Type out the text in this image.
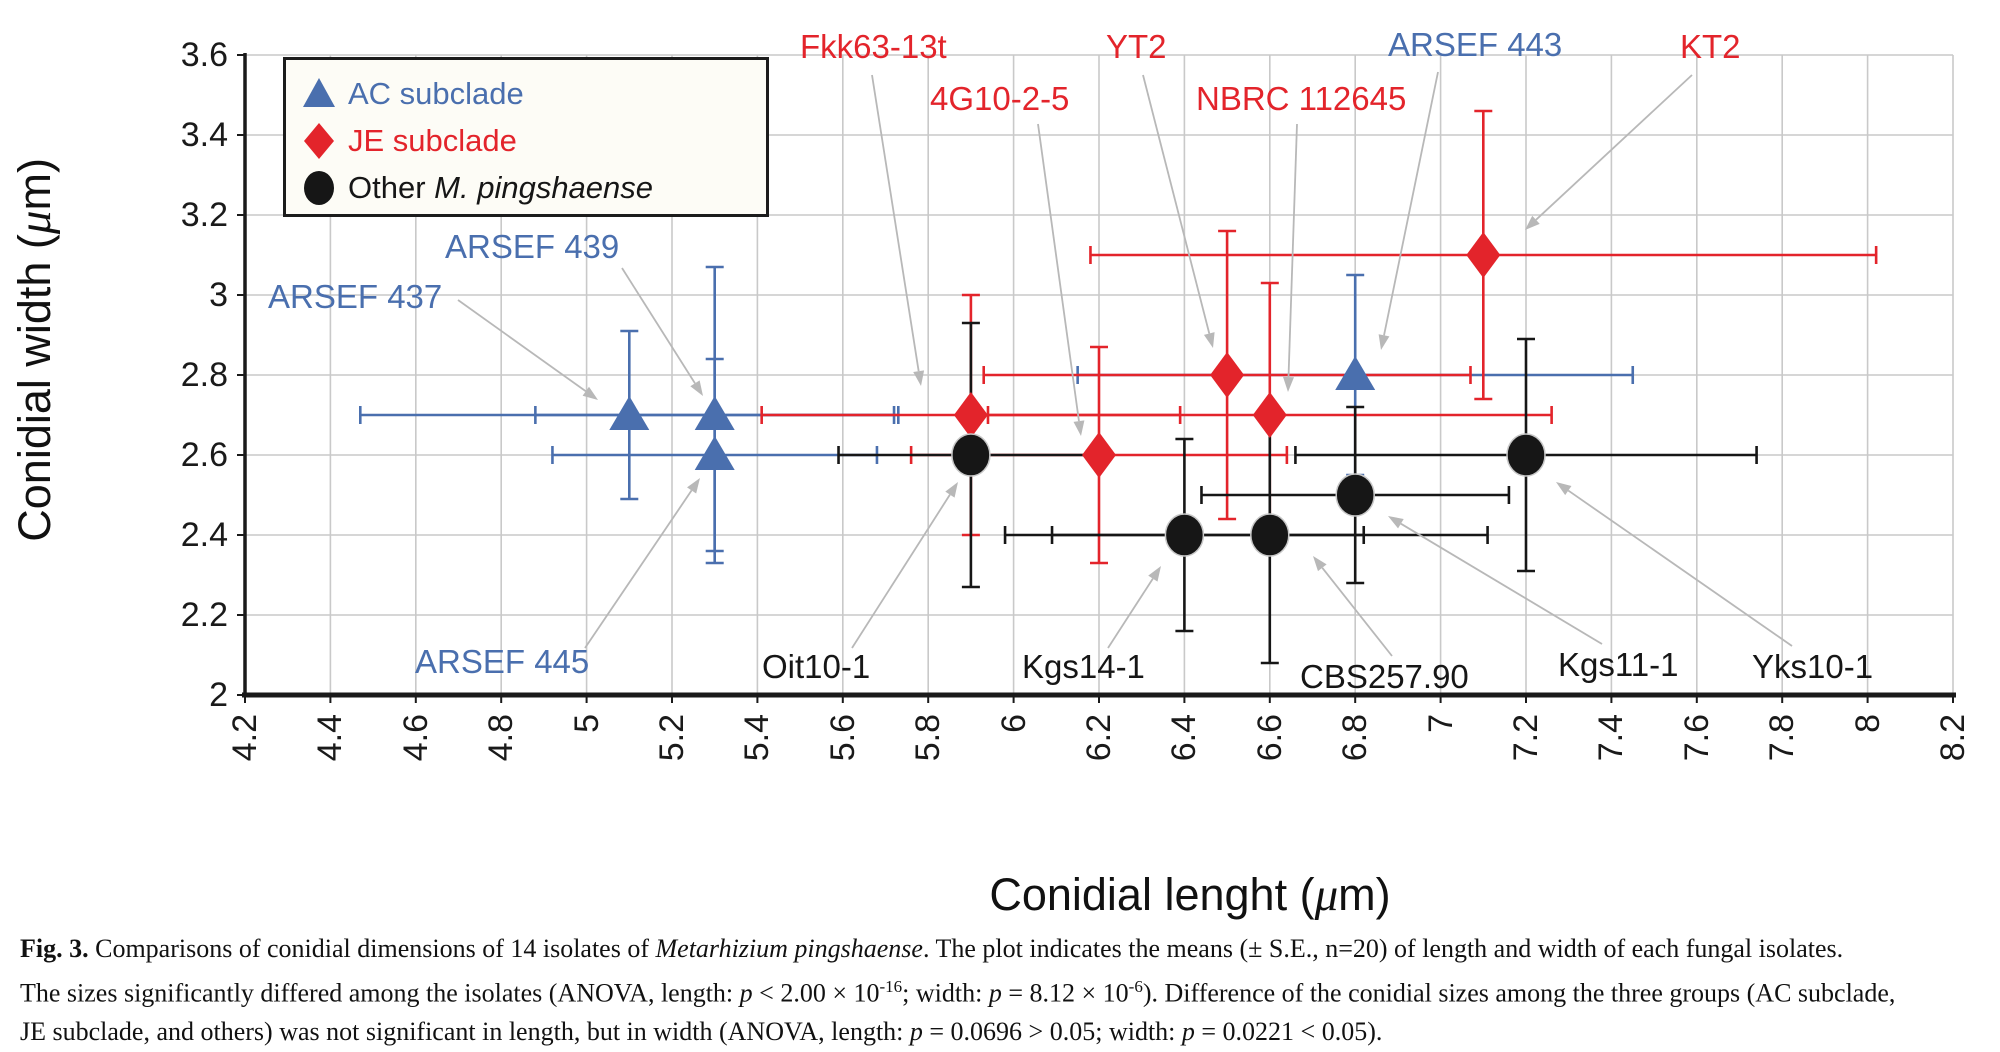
Conidial width (μm)
Conidial lenght (μm)
2
2.2
2.4
2.6
2.8
3
3.2
3.4
3.6
4.2 4.4 4.6 4.8 5 5.2 5.4 5.6 5.8 6 6.2 6.4 6.6 6.8 7 7.2 7.4 7.6 7.8 8 8.2
AC subclade
JE subclade
Other M. pingshaense
ARSEF 437
ARSEF 439
ARSEF 445
Fkk63-13t
4G10-2-5
YT2
NBRC 112645
ARSEF 443	KT2
Oit10-1	Kgs14-1	CBS257.90	Kgs11-1 Yks10-1
Fig. 3. Comparisons of conidial dimensions of 14 isolates of Metarhizium pingshaense. The plot indicates the means (± S.E., n=20) of length and width of each fungal isolates.
The sizes significantly differed among the isolates (ANOVA, length: $p < 2.00 \times 10^{-16}$; width: $p = 8.12 \times 10^{-6}$). Difference of the conidial sizes among the three groups (AC subclade,
JE subclade, and others) was not significant in length, but in width (ANOVA, length: p = 0.0696 > 0.05; width: p = 0.0221 < 0.05).
